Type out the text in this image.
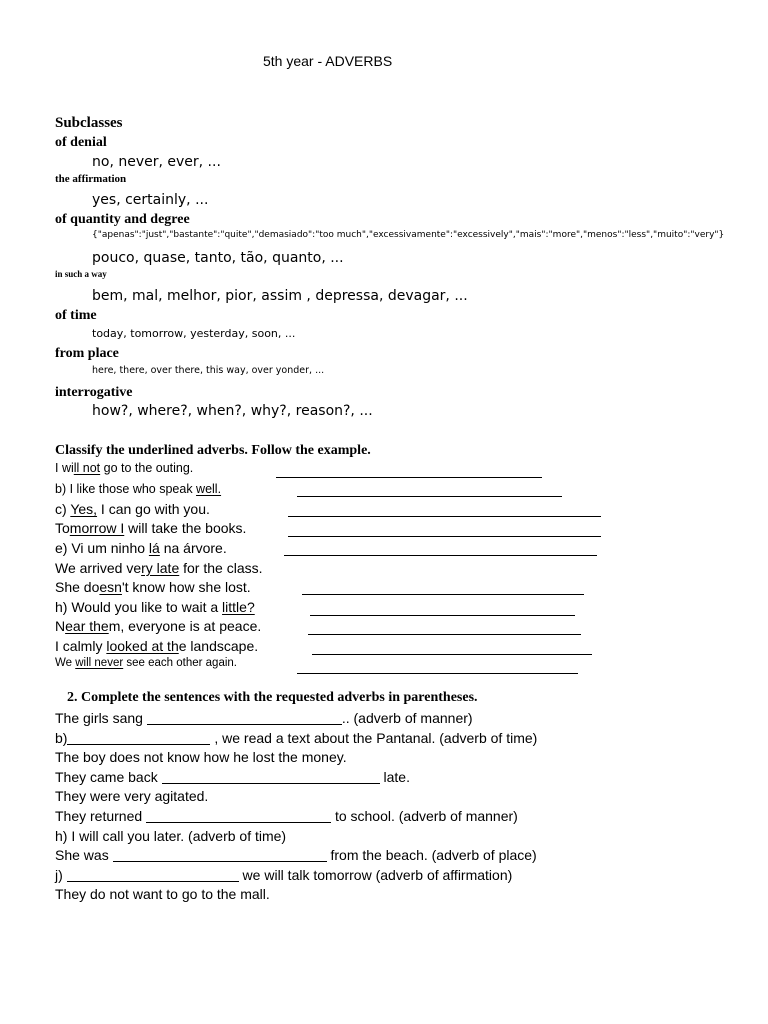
5th year - ADVERBS
Subclasses
of denial
no, never, ever, ...
the affirmation
yes, certainly, ...
of quantity and degree
{"apenas":"just","bastante":"quite","demasiado":"too much","excessivamente":"excessively","mais":"more","menos":"less","muito":"very"}
pouco, quase, tanto, tão, quanto, ...
in such a way
bem, mal, melhor, pior, assim , depressa, devagar, ...
of time
today, tomorrow, yesterday, soon, ...
from place
here, there, over there, this way, over yonder, ...
interrogative
how?, where?, when?, why?, reason?, ...
Classify the underlined adverbs. Follow the example.
I will not go to the outing.
b) I like those who speak well.
c) Yes, I can go with you.
Tomorrow I will take the books.
e) Vi um ninho lá na árvore.
We arrived very late for the class.
She doesn't know how she lost.
h) Would you like to wait a little?
Near them, everyone is at peace.
I calmly looked at the landscape.
We will never see each other again.
2. Complete the sentences with the requested adverbs in parentheses.
The girls sang	.. (adverb of manner)
b)	, we read a text about the Pantanal. (adverb of time)
The boy does not know how he lost the money.
They came back	late.
They were very agitated.
They returned	to school. (adverb of manner)
h) I will call you later. (adverb of time)
She was	from the beach. (adverb of place)
j)	we will talk tomorrow (adverb of affirmation)
They do not want to go to the mall.
